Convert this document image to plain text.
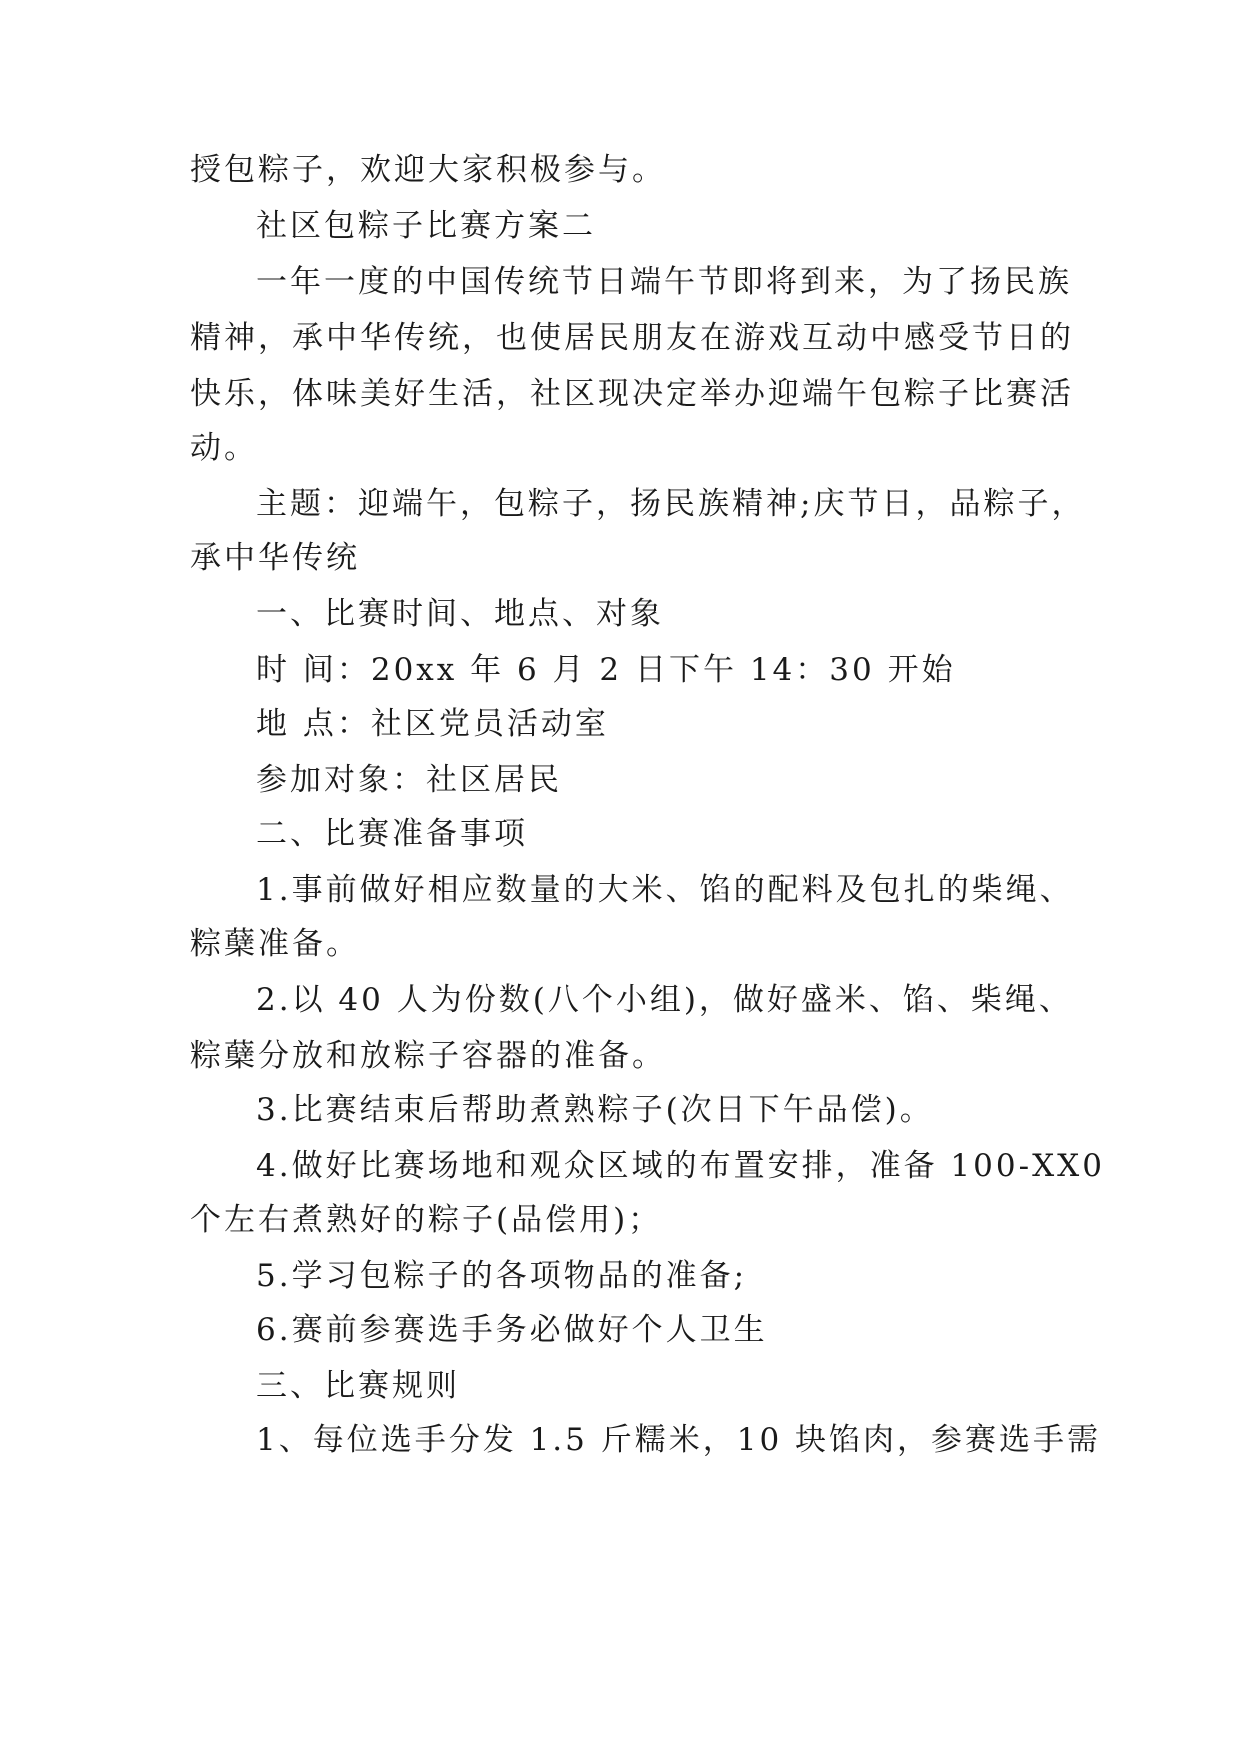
授包粽子，欢迎大家积极参与。
社区包粽子比赛方案二
一年一度的中国传统节日端午节即将到来，为了扬民族
精神，承中华传统，也使居民朋友在游戏互动中感受节日的
快乐，体味美好生活，社区现决定举办迎端午包粽子比赛活
动。
主题：迎端午，包粽子，扬民族精神;庆节日，品粽子，
承中华传统
一、比赛时间、地点、对象
时 间：20xx 年 6 月 2 日下午 14：30 开始
地 点：社区党员活动室
参加对象：社区居民
二、比赛准备事项
1.事前做好相应数量的大米、馅的配料及包扎的柴绳、
粽蘖准备。
2.以 40 人为份数(八个小组)，做好盛米、馅、柴绳、
粽蘖分放和放粽子容器的准备。
3.比赛结束后帮助煮熟粽子(次日下午品偿)。
4.做好比赛场地和观众区域的布置安排，准备 100-XX0
个左右煮熟好的粽子(品偿用)；
5.学习包粽子的各项物品的准备;
6.赛前参赛选手务必做好个人卫生
三、比赛规则
1、每位选手分发 1.5 斤糯米，10 块馅肉，参赛选手需
